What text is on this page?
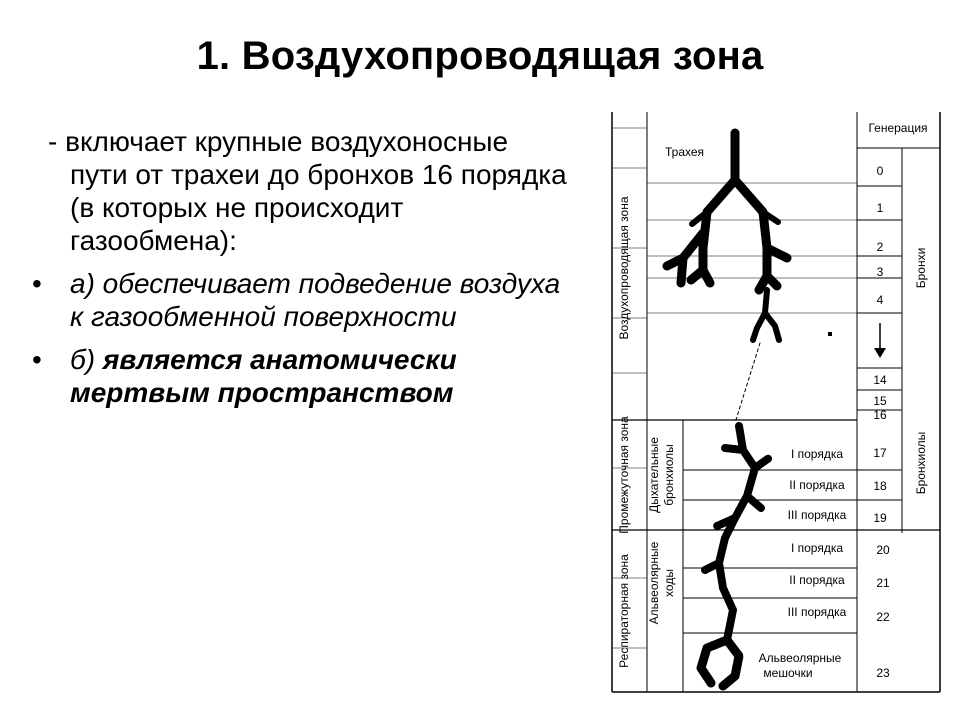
1. Воздухопроводящая зона

- включает крупные воздухоносные пути от трахеи до бронхов 16 порядка (в которых не происходит газообмена):

• а) обеспечивает подведение воздуха к газообменной поверхности
• б) является анатомически мертвым пространством
Генерация
Трахея
Воздухопроводящая зона
Промежуточная зона
Респираторная зона
Дыхательные бронхиолы
Альвеолярные ходы
Бронхи
Бронхиолы
I порядка
II порядка
III порядка
I порядка
II порядка
III порядка
Альвеолярные
мешочки
0
1
2
3
4
14
15
16
17
18
19
20
21
22
23
